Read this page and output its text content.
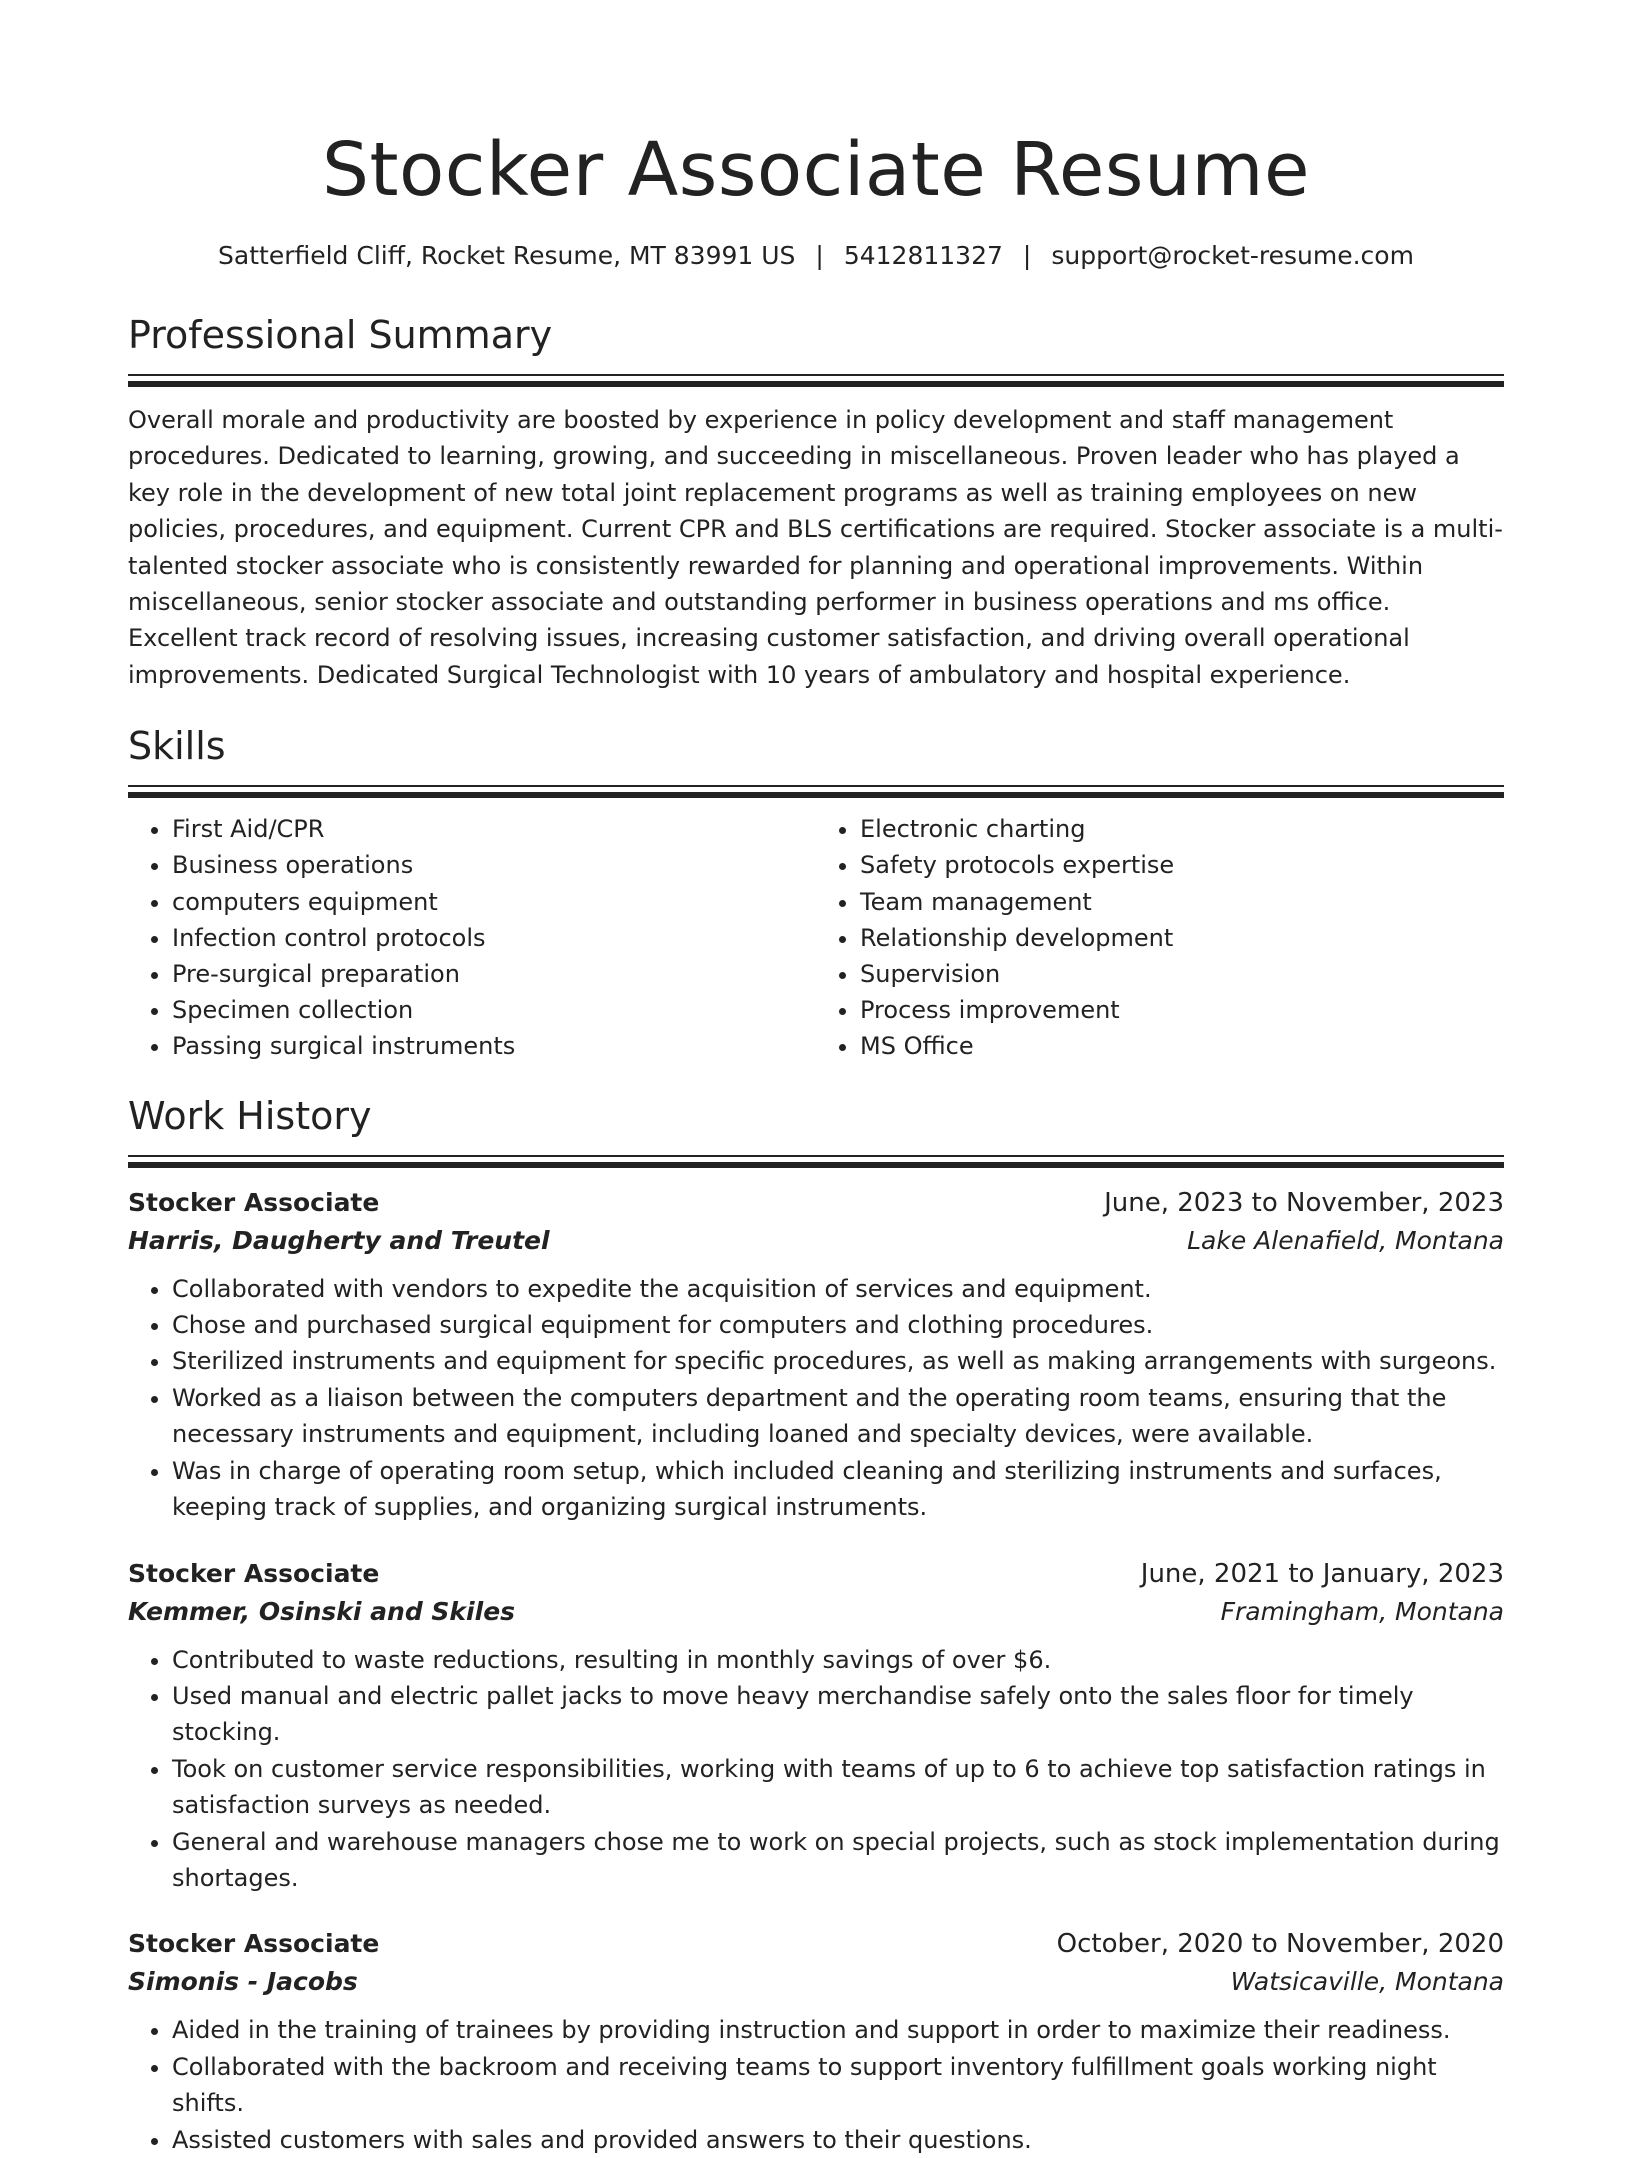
Stocker Associate Resume
Satterfield Cliff, Rocket Resume, MT 83991 US | 5412811327 | support@rocket-resume.com
Professional Summary

Overall morale and productivity are boosted by experience in policy development and staff management procedures. Dedicated to learning, growing, and succeeding in miscellaneous. Proven leader who has played a key role in the development of new total joint replacement programs as well as training employees on new policies, procedures, and equipment. Current CPR and BLS certifications are required. Stocker associate is a multi-talented stocker associate who is consistently rewarded for planning and operational improvements. Within miscellaneous, senior stocker associate and outstanding performer in business operations and ms office. Excellent track record of resolving issues, increasing customer satisfaction, and driving overall operational improvements. Dedicated Surgical Technologist with 10 years of ambulatory and hospital experience.

Skills
• First Aid/CPR
• Business operations
• computers equipment
• Infection control protocols
• Pre-surgical preparation
• Specimen collection
• Passing surgical instruments
• Electronic charting
• Safety protocols expertise
• Team management
• Relationship development
• Supervision
• Process improvement
• MS Office
Work History
Stocker Associate	June, 2023 to November, 2023
Harris, Daugherty and Treutel	Lake Alenafield, Montana
• Collaborated with vendors to expedite the acquisition of services and equipment.
• Chose and purchased surgical equipment for computers and clothing procedures.
• Sterilized instruments and equipment for specific procedures, as well as making arrangements with surgeons.
• Worked as a liaison between the computers department and the operating room teams, ensuring that the necessary instruments and equipment, including loaned and specialty devices, were available.
• Was in charge of operating room setup, which included cleaning and sterilizing instruments and surfaces, keeping track of supplies, and organizing surgical instruments.
Stocker Associate	June, 2021 to January, 2023
Kemmer, Osinski and Skiles	Framingham, Montana
• Contributed to waste reductions, resulting in monthly savings of over $6.
• Used manual and electric pallet jacks to move heavy merchandise safely onto the sales floor for timely stocking.
• Took on customer service responsibilities, working with teams of up to 6 to achieve top satisfaction ratings in satisfaction surveys as needed.
• General and warehouse managers chose me to work on special projects, such as stock implementation during shortages.
Stocker Associate	October, 2020 to November, 2020
Simonis - Jacobs	Watsicaville, Montana
• Aided in the training of trainees by providing instruction and support in order to maximize their readiness.
• Collaborated with the backroom and receiving teams to support inventory fulfillment goals working night shifts.
• Assisted customers with sales and provided answers to their questions.
